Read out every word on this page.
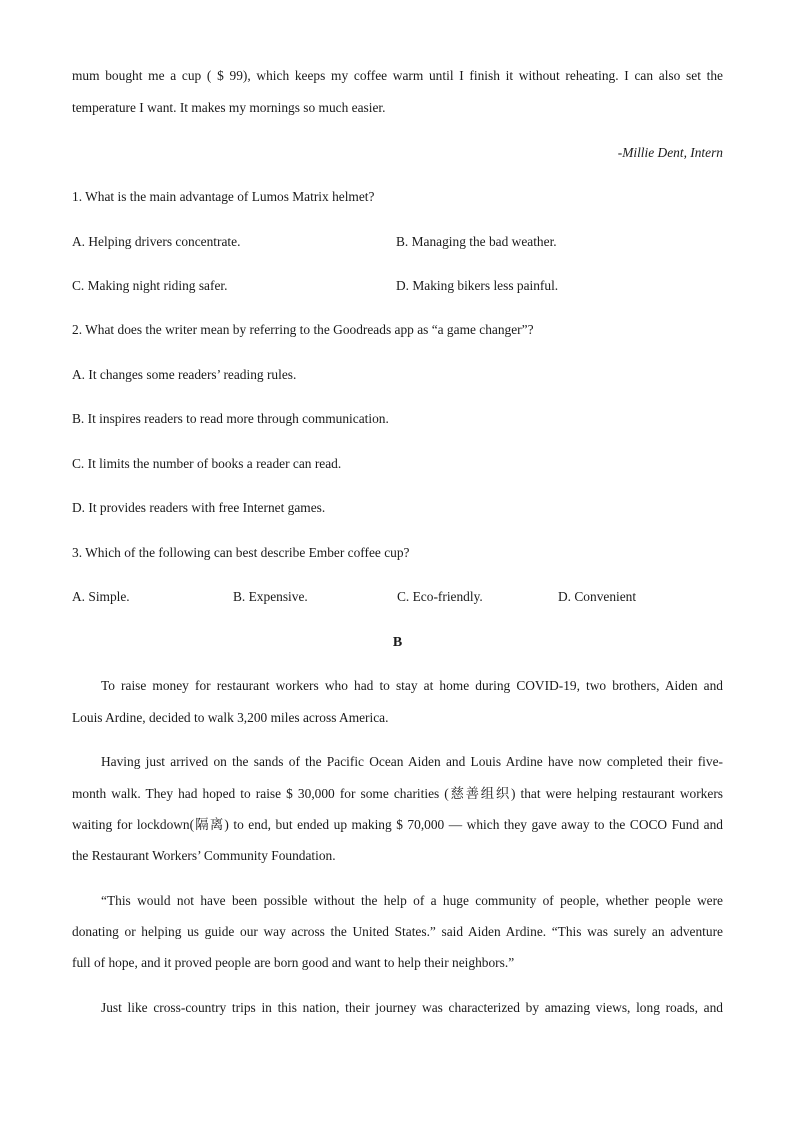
mum bought me a cup ( $ 99), which keeps my coffee warm until I finish it without reheating. I can also set the
temperature I want. It makes my mornings so much easier.
-Millie Dent, Intern
1. What is the main advantage of Lumos Matrix helmet?
A. Helping drivers concentrate.	B. Managing the bad weather.
C. Making night riding safer.	D. Making bikers less painful.
2. What does the writer mean by referring to the Goodreads app as “a game changer”?
A. It changes some readers’ reading rules.
B. It inspires readers to read more through communication.
C. It limits the number of books a reader can read.
D. It provides readers with free Internet games.
3. Which of the following can best describe Ember coffee cup?
A. Simple.	B. Expensive.	C. Eco-friendly.	D. Convenient
B
To raise money for restaurant workers who had to stay at home during COVID-19, two brothers, Aiden and
Louis Ardine, decided to walk 3,200 miles across America.
Having just arrived on the sands of the Pacific Ocean Aiden and Louis Ardine have now completed their five-
month walk. They had hoped to raise $ 30,000 for some charities (慈善组织) that were helping restaurant workers
waiting for lockdown(隔离) to end, but ended up making $ 70,000 — which they gave away to the COCO Fund and
the Restaurant Workers’ Community Foundation.
“This would not have been possible without the help of a huge community of people, whether people were
donating or helping us guide our way across the United States.” said Aiden Ardine. “This was surely an adventure
full of hope, and it proved people are born good and want to help their neighbors.”
Just like cross-country trips in this nation, their journey was characterized by amazing views, long roads, and
